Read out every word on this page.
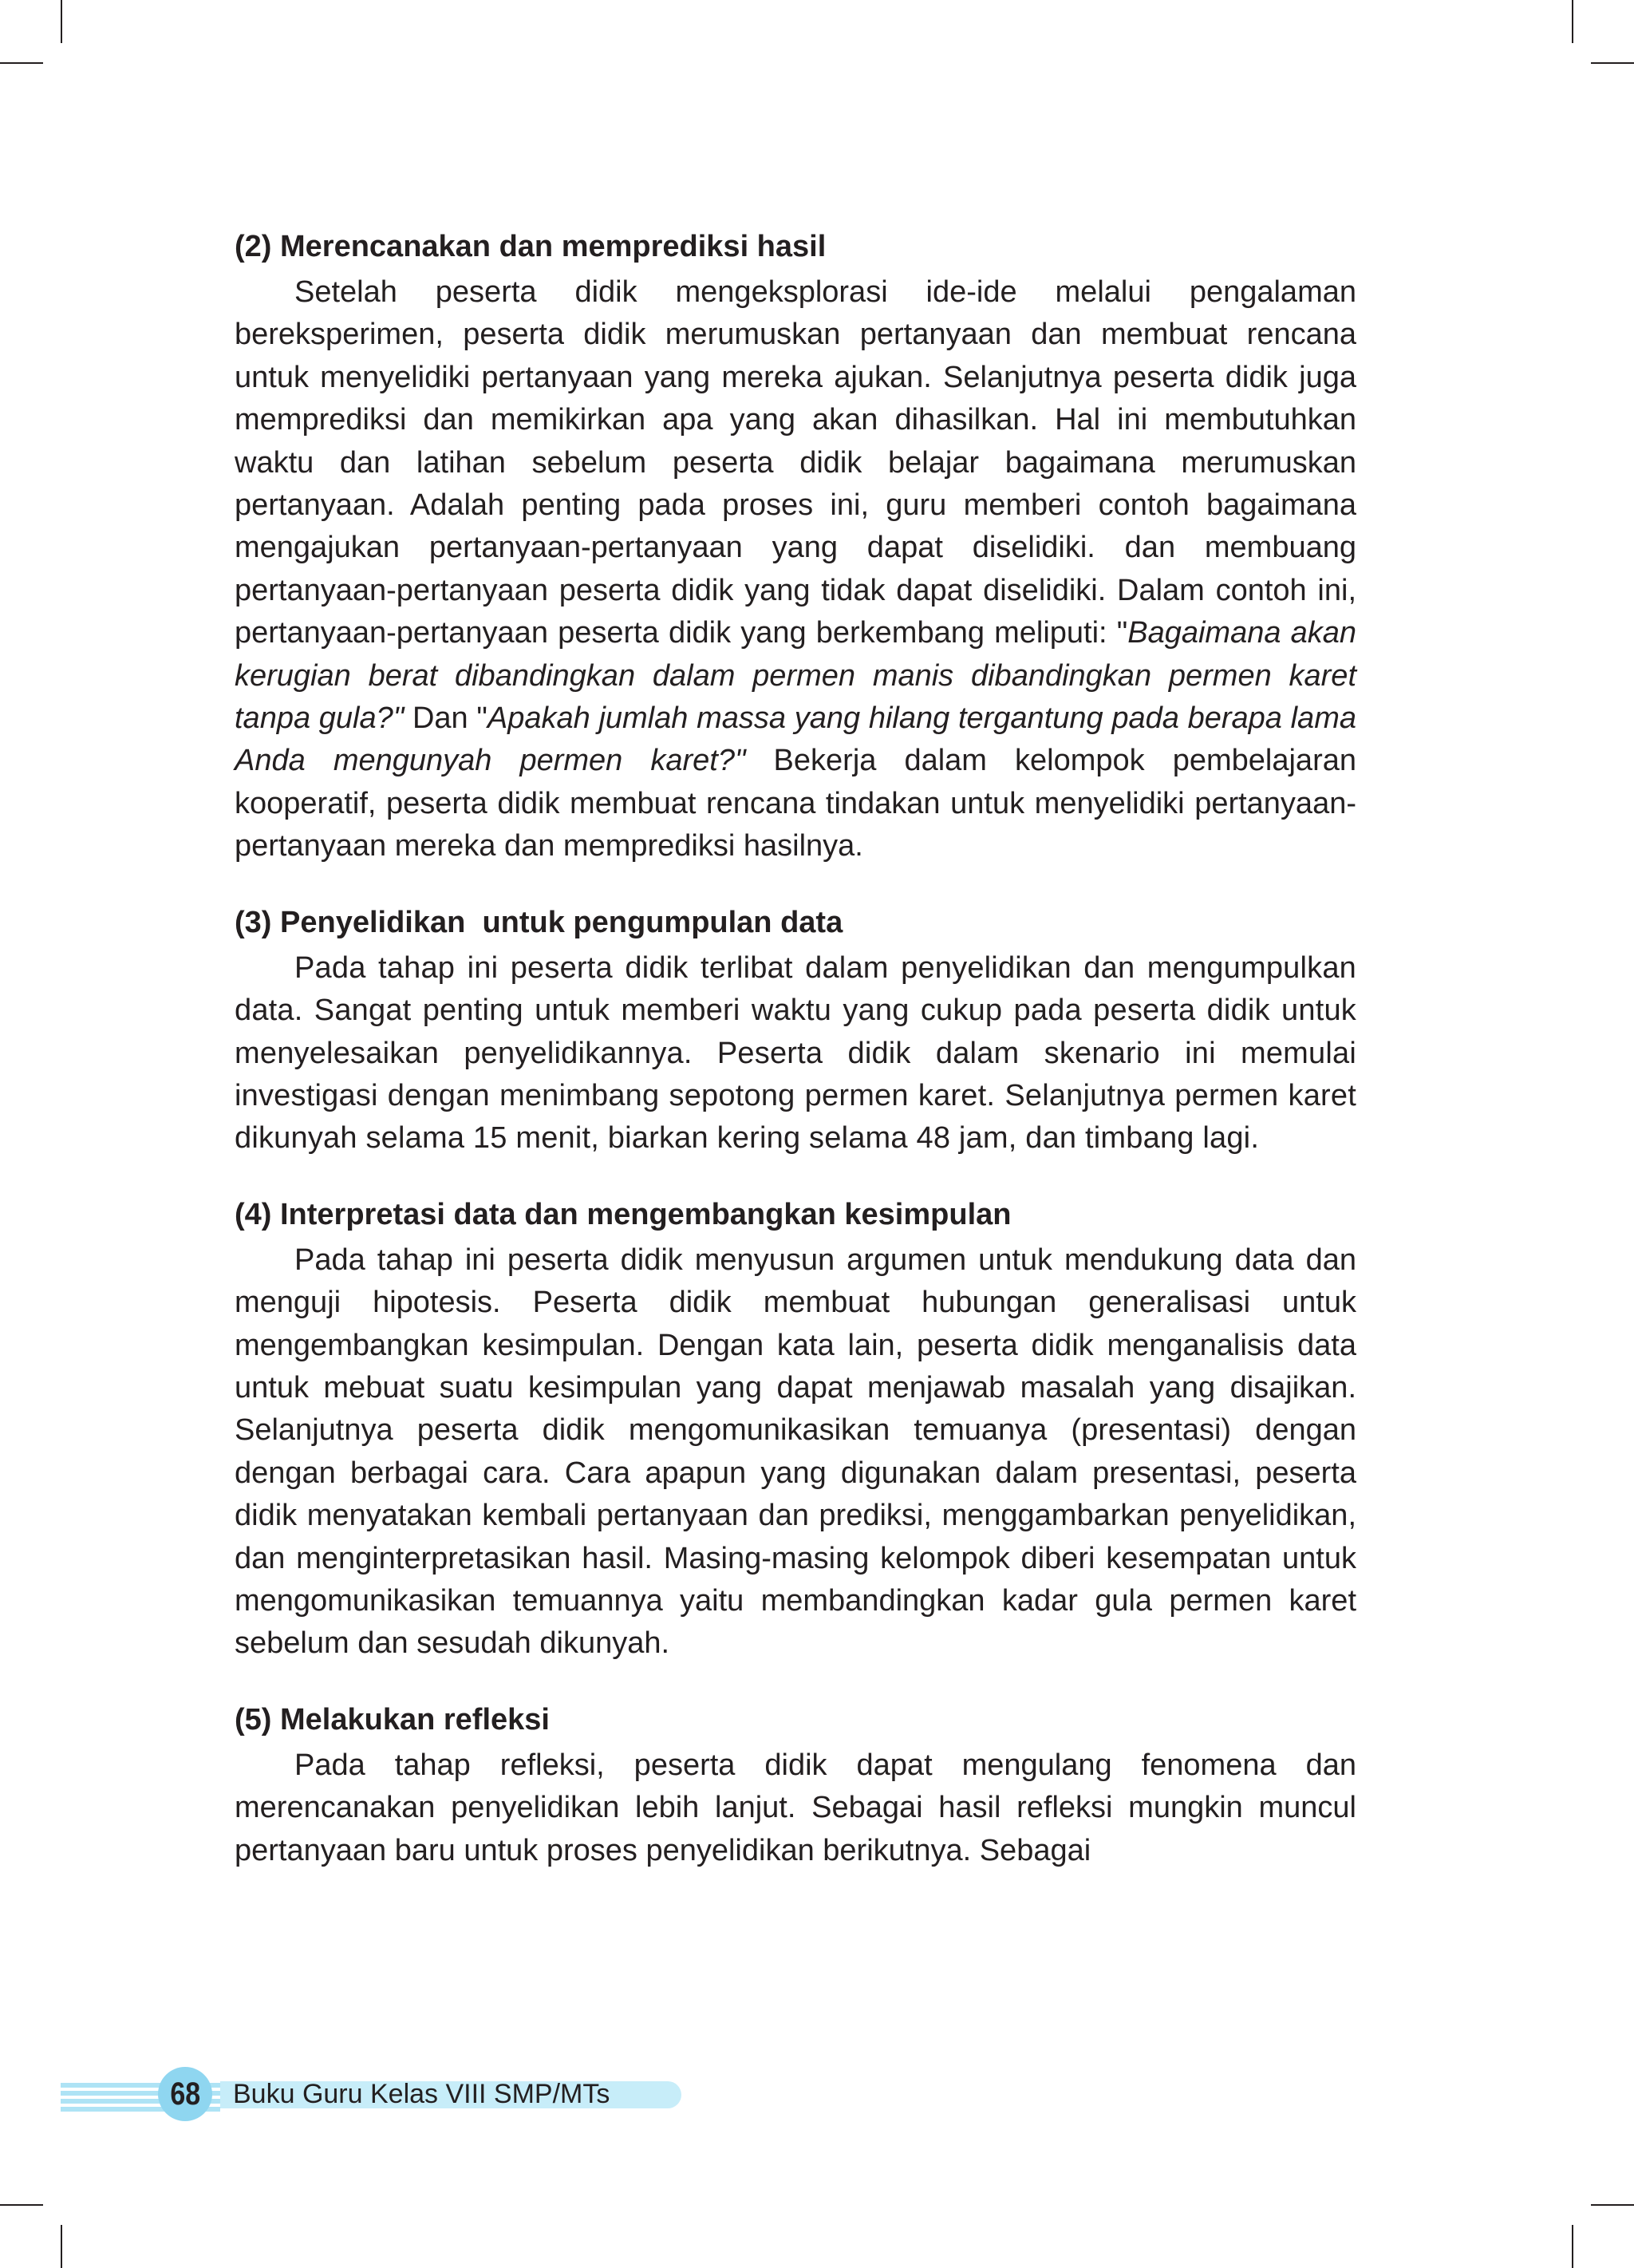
(2) Merencanakan dan memprediksi hasil

Setelah peserta didik mengeksplorasi ide-ide melalui pengalaman bereksperimen, peserta didik merumuskan pertanyaan dan membuat rencana untuk menyelidiki pertanyaan yang mereka ajukan. Selanjutnya peserta didik juga memprediksi dan memikirkan apa yang akan dihasilkan. Hal ini membutuhkan waktu dan latihan sebelum peserta didik belajar bagaimana merumuskan pertanyaan. Adalah penting pada proses ini, guru memberi contoh bagaimana mengajukan pertanyaan-pertanyaan yang dapat diselidiki. dan membuang pertanyaan-pertanyaan peserta didik yang tidak dapat diselidiki. Dalam contoh ini, pertanyaan-pertanyaan peserta didik yang berkembang meliputi: "Bagaimana akan kerugian berat dibandingkan dalam permen manis dibandingkan permen karet tanpa gula?" Dan "Apakah jumlah massa yang hilang tergantung pada berapa lama Anda mengunyah permen karet?" Bekerja dalam kelompok pembelajaran kooperatif, peserta didik membuat rencana tindakan untuk menyelidiki pertanyaan-pertanyaan mereka dan memprediksi hasilnya.

(3) Penyelidikan  untuk pengumpulan data

Pada tahap ini peserta didik terlibat dalam penyelidikan dan mengumpulkan data. Sangat penting untuk memberi waktu yang cukup pada peserta didik untuk menyelesaikan penyelidikannya. Peserta didik dalam skenario ini memulai investigasi dengan menimbang sepotong permen karet. Selanjutnya permen karet dikunyah selama 15 menit, biarkan kering selama 48 jam, dan timbang lagi.

(4) Interpretasi data dan mengembangkan kesimpulan

Pada tahap ini peserta didik menyusun argumen untuk mendukung data dan menguji hipotesis. Peserta didik membuat hubungan generalisasi untuk mengembangkan kesimpulan. Dengan kata lain, peserta didik menganalisis data untuk mebuat suatu kesimpulan yang dapat menjawab masalah yang disajikan. Selanjutnya peserta didik mengomunikasikan temuanya (presentasi) dengan dengan berbagai cara. Cara apapun yang digunakan dalam presentasi, peserta didik menyatakan kembali pertanyaan dan prediksi, menggambarkan penyelidikan, dan menginterpretasikan hasil. Masing-masing kelompok diberi kesempatan untuk mengomunikasikan temuannya yaitu membandingkan kadar gula permen karet sebelum dan sesudah dikunyah.

(5) Melakukan refleksi

Pada tahap refleksi, peserta didik dapat mengulang fenomena dan merencanakan penyelidikan lebih lanjut. Sebagai hasil refleksi mungkin muncul pertanyaan baru untuk proses penyelidikan berikutnya. Sebagai

68 Buku Guru Kelas VIII SMP/MTs
